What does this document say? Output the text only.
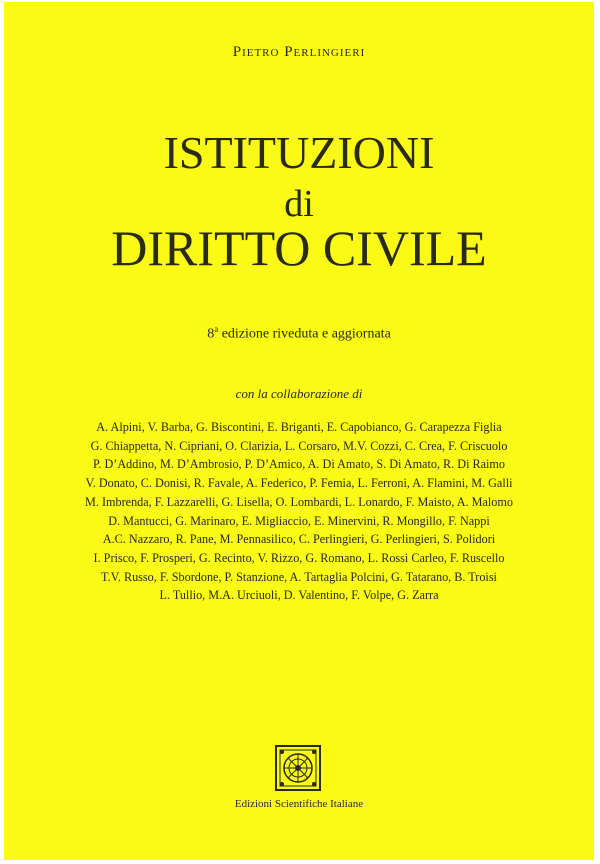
Pietro Perlingieri
ISTITUZIONI
di
DIRITTO CIVILE
8$^a$ edizione riveduta e aggiornata
con la collaborazione di
A. Alpini, V. Barba, G. Biscontini, E. Briganti, E. Capobianco, G. Carapezza Figlia
G. Chiappetta, N. Cipriani, O. Clarizia, L. Corsaro, M.V. Cozzi, C. Crea, F. Criscuolo
P. D’Addino, M. D’Ambrosio, P. D’Amico, A. Di Amato, S. Di Amato, R. Di Raimo
V. Donato, C. Donisi, R. Favale, A. Federico, P. Femia, L. Ferroni, A. Flamini, M. Galli
M. Imbrenda, F. Lazzarelli, G. Lisella, O. Lombardi, L. Lonardo, F. Maisto, A. Malomo
D. Mantucci, G. Marinaro, E. Migliaccio, E. Minervini, R. Mongillo, F. Nappi
A.C. Nazzaro, R. Pane, M. Pennasilico, C. Perlingieri, G. Perlingieri, S. Polidori
I. Prisco, F. Prosperi, G. Recinto, V. Rizzo, G. Romano, L. Rossi Carleo, F. Ruscello
T.V. Russo, F. Sbordone, P. Stanzione, A. Tartaglia Polcini, G. Tatarano, B. Troisi
L. Tullio, M.A. Urciuoli, D. Valentino, F. Volpe, G. Zarra
Edizioni Scientifiche Italiane
